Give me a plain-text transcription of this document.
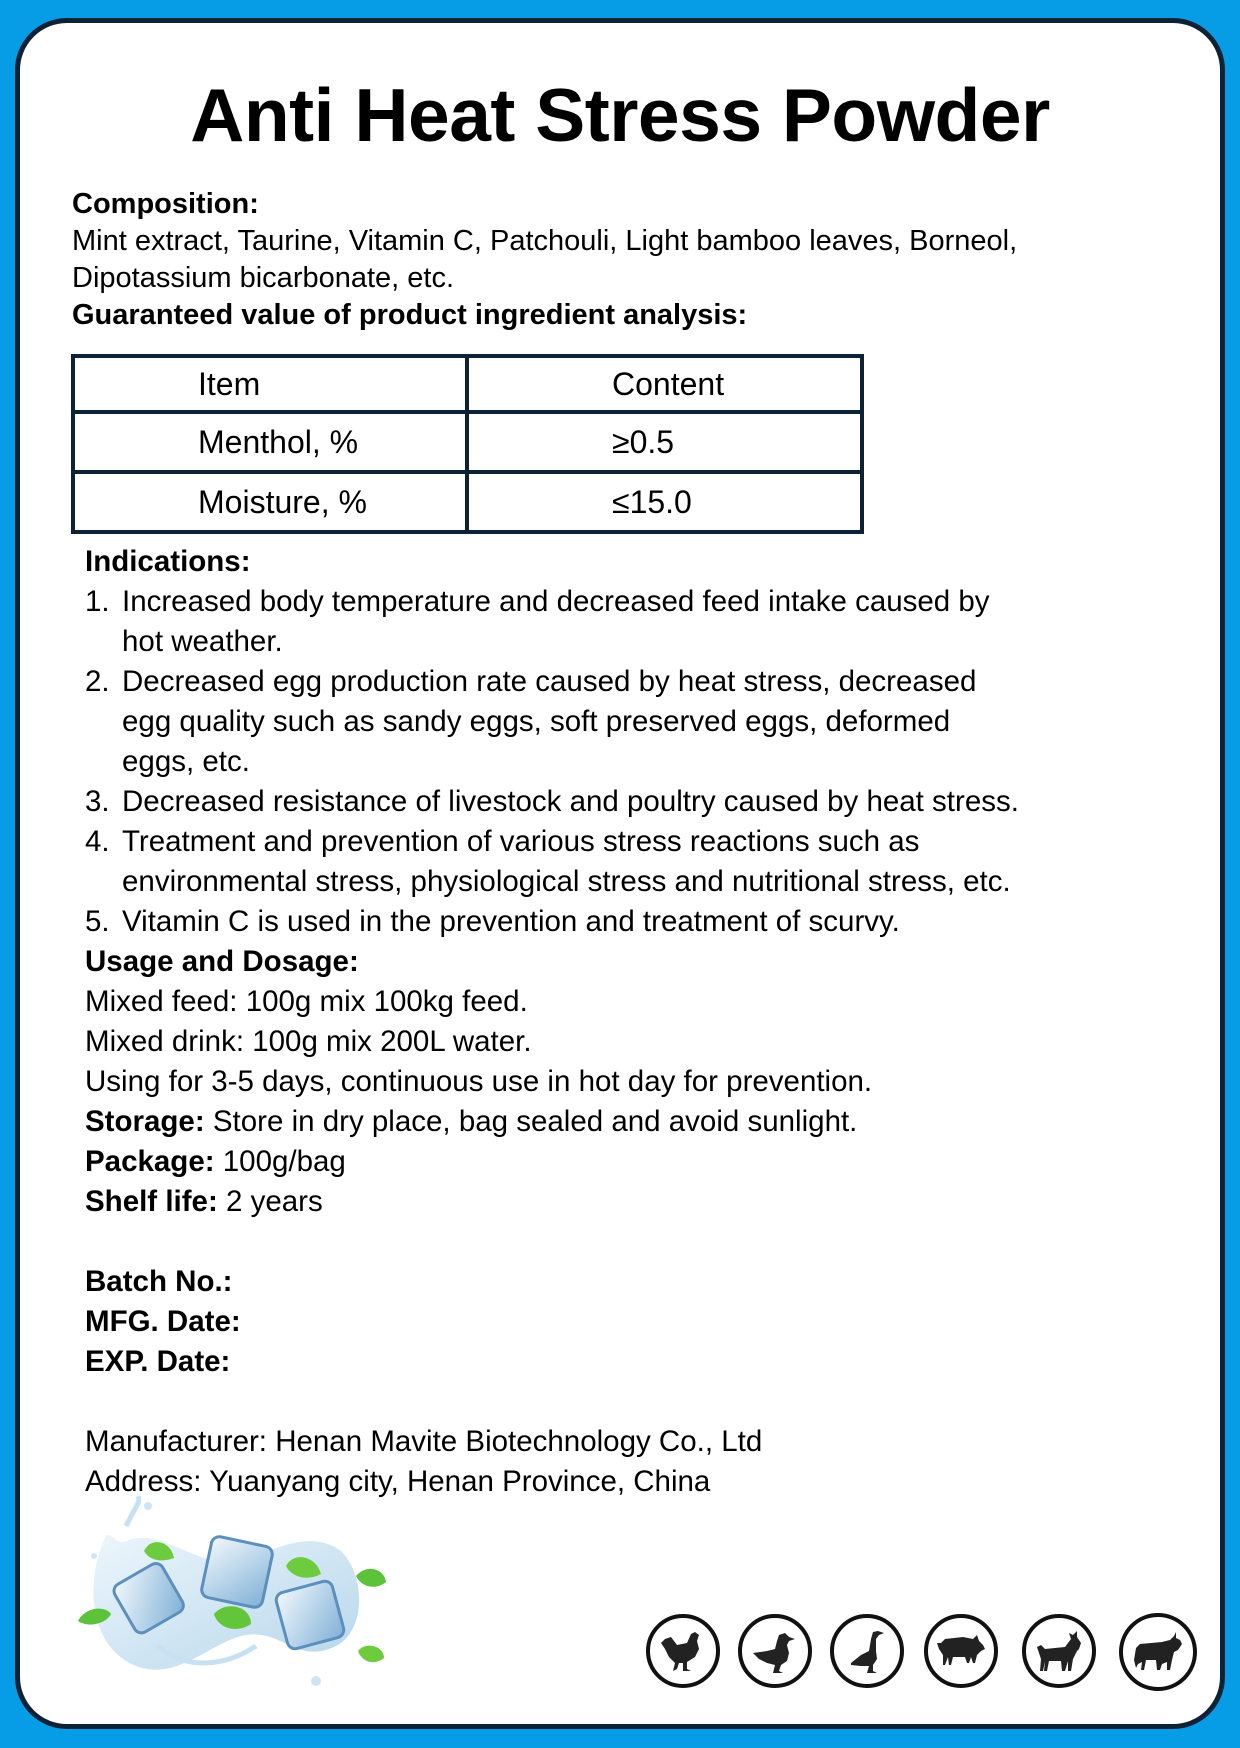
Anti Heat Stress Powder
Composition:
Mint extract, Taurine, Vitamin C, Patchouli, Light bamboo leaves, Borneol,
Dipotassium bicarbonate, etc.
Guaranteed value of product ingredient analysis:
Item	Content
Menthol, %	≥0.5
Moisture, %	≤15.0
Indications:
1. Increased body temperature and decreased feed intake caused by
hot weather.
2. Decreased egg production rate caused by heat stress, decreased
egg quality such as sandy eggs, soft preserved eggs, deformed
eggs, etc.
3. Decreased resistance of livestock and poultry caused by heat stress.
4. Treatment and prevention of various stress reactions such as
environmental stress, physiological stress and nutritional stress, etc.
5. Vitamin C is used in the prevention and treatment of scurvy.
Usage and Dosage:
Mixed feed: 100g mix 100kg feed.
Mixed drink: 100g mix 200L water.
Using for 3-5 days, continuous use in hot day for prevention.
Storage: Store in dry place, bag sealed and avoid sunlight.
Package: 100g/bag
Shelf life: 2 years
Batch No.:
MFG. Date:
EXP. Date:
Manufacturer: Henan Mavite Biotechnology Co., Ltd
Address: Yuanyang city, Henan Province, China
